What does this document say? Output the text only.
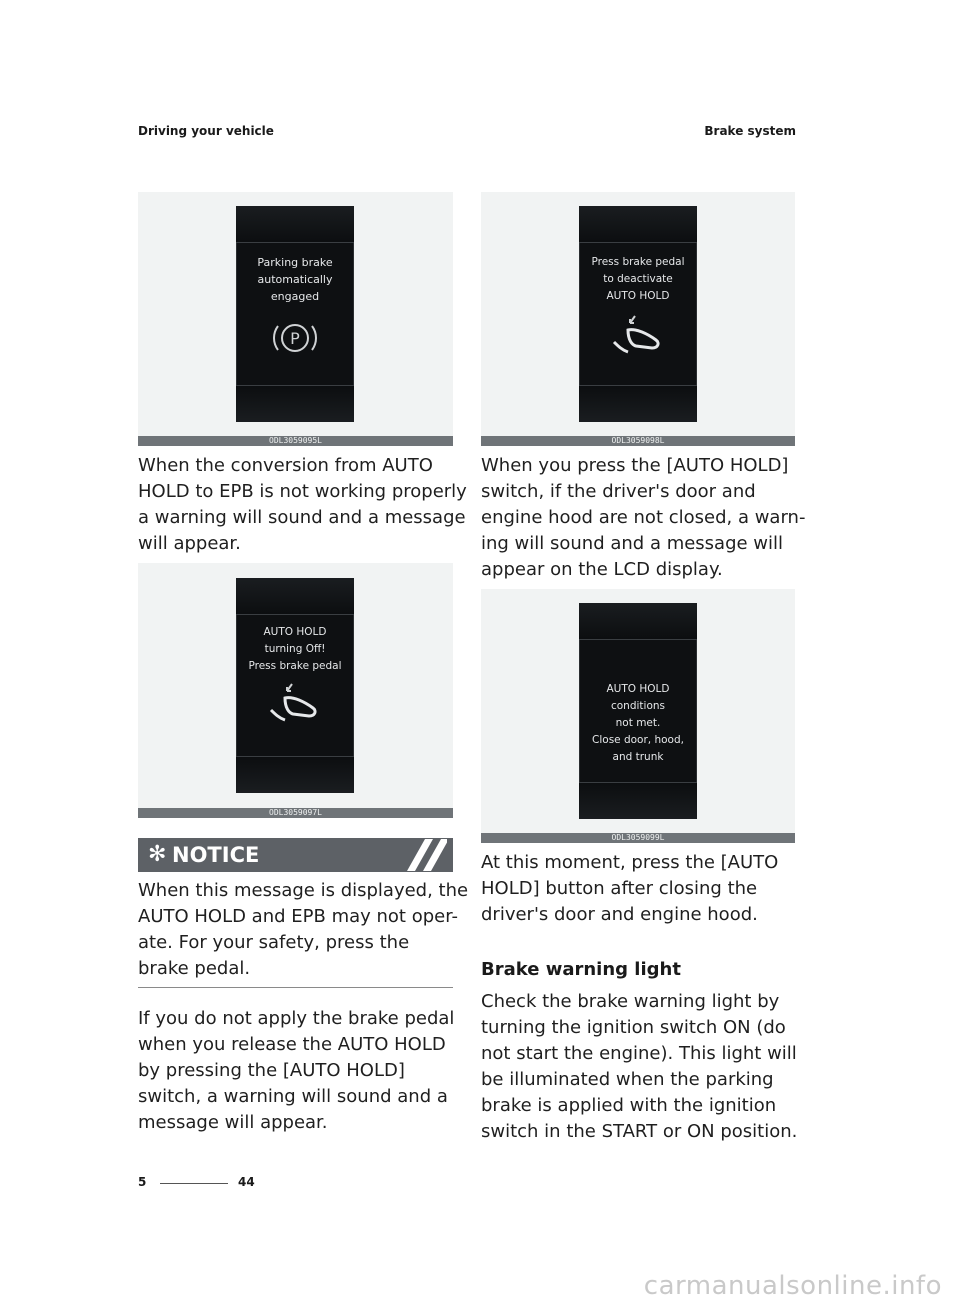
Driving your vehicle	Brake system
Parking brake
automatically
engaged
P
ODL3059095L
When the conversion from AUTO
HOLD to EPB is not working properly
a warning will sound and a message
will appear.
AUTO HOLD
turning Off!
Press brake pedal
ODL3059097L
✻ NOTICE
When this message is displayed, the
AUTO HOLD and EPB may not oper-
ate. For your safety, press the
brake pedal.
If you do not apply the brake pedal
when you release the AUTO HOLD
by pressing the [AUTO HOLD]
switch, a warning will sound and a
message will appear.
Press brake pedal
to deactivate
AUTO HOLD
ODL3059098L
When you press the [AUTO HOLD]
switch, if the driver's door and
engine hood are not closed, a warn-
ing will sound and a message will
appear on the LCD display.
AUTO HOLD
conditions
not met.
Close door, hood,
and trunk
ODL3059099L
At this moment, press the [AUTO
HOLD] button after closing the
driver's door and engine hood.
Brake warning light
Check the brake warning light by
turning the ignition switch ON (do
not start the engine). This light will
be illuminated when the parking
brake is applied with the ignition
switch in the START or ON position.
5	44
carmanualsonline.info
